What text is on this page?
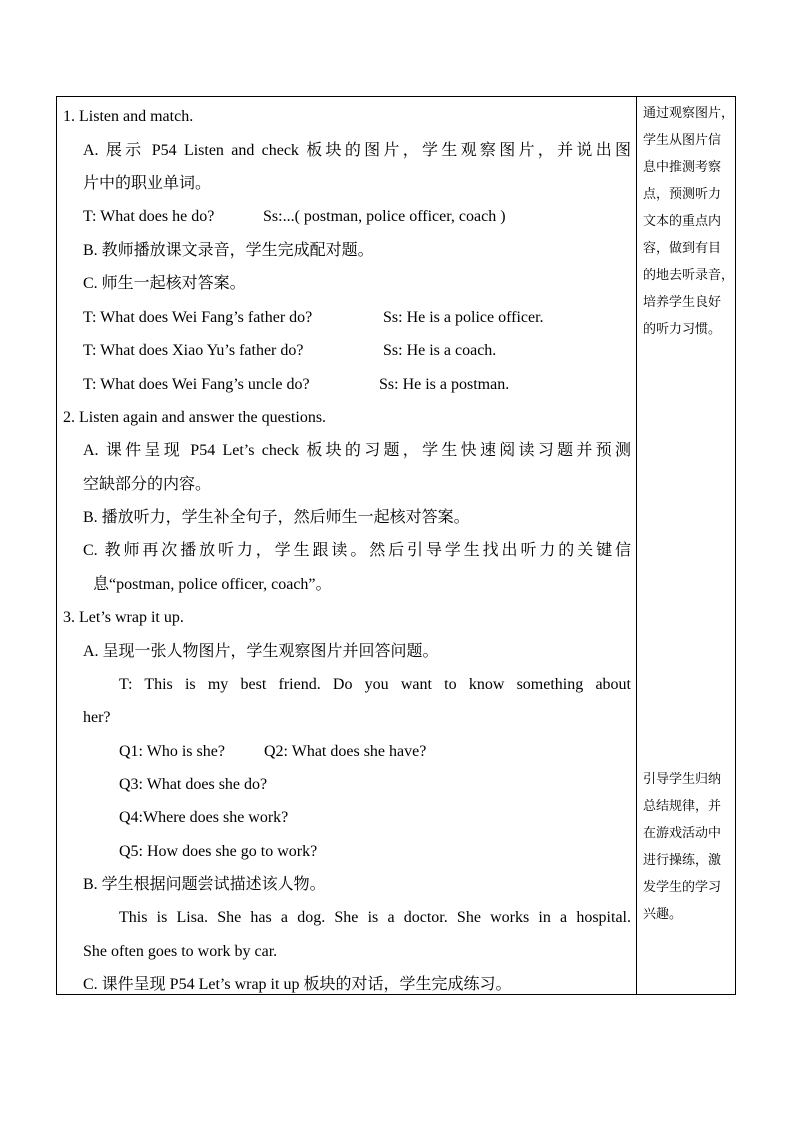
1. Listen and match.
A. 展示 P54 Listen and check 板块的图片，学生观察图片，并说出图
片中的职业单词。
T: What does he do?	Ss:...( postman, police officer, coach )
B. 教师播放课文录音，学生完成配对题。
C. 师生一起核对答案。
T: What does Wei Fang’s father do?	Ss: He is a police officer.
T: What does Xiao Yu’s father do?	Ss: He is a coach.
T: What does Wei Fang’s uncle do?	Ss: He is a postman.
2. Listen again and answer the questions.
A. 课件呈现 P54 Let’s check 板块的习题，学生快速阅读习题并预测
空缺部分的内容。
B. 播放听力，学生补全句子，然后师生一起核对答案。
C. 教师再次播放听力，学生跟读。然后引导学生找出听力的关键信
息“postman, police officer, coach”。
3. Let’s wrap it up.
A. 呈现一张人物图片，学生观察图片并回答问题。
T: This is my best friend. Do you want to know something about
her?
Q1: Who is she? Q2: What does she have?
Q3: What does she do?
Q4:Where does she work?
Q5: How does she go to work?
B. 学生根据问题尝试描述该人物。
This is Lisa. She has a dog. She is a doctor. She works in a hospital.
She often goes to work by car.
C. 课件呈现 P54 Let’s wrap it up 板块的对话，学生完成练习。
通过观察图片，
学生从图片信
息中推测考察
点，预测听力
文本的重点内
容，做到有目
的地去听录音，
培养学生良好
的听力习惯。
引导学生归纳
总结规律，并
在游戏活动中
进行操练，激
发学生的学习
兴趣。
